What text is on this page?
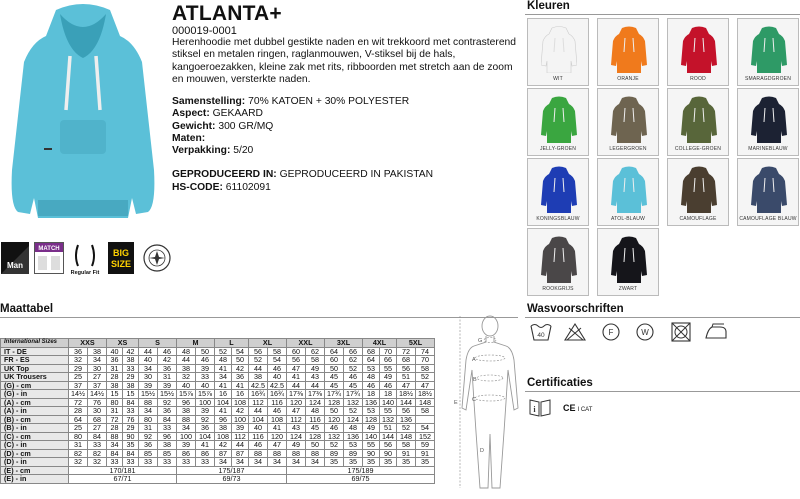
ATLANTA+
000019-0001
Herenhoodie met dubbel gestikte naden en wit trekkoord met contrasterend stiksel en metalen ringen, raglanmouwen, V-stiksel bij de hals, kangoeroezakken, kleine zak met rits, ribboorden met stretch aan de zoom en mouwen, versterkte naden.
Samenstelling: 70% KATOEN + 30% POLYESTER
Aspect: GEKAARD
Gewicht: 300 GR/MQ
Maten:
Verpakking: 5/20
GEPRODUCEERD IN: GEPRODUCEERD IN PAKISTAN
HS-CODE: 61102091
Man
MATCH
Regular Fit
BIG
SIZE
Kleuren
WIT	ORANJE	ROOD	SMARAGDGROEN
JELLY-GROEN	LEGERGROEN	COLLEGE-GROEN	MARINEBLAUW
KONINGSBLAUW	ATOL-BLAUW	CAMOUFLAGE	CAMOUFLAGE BLAUW
ROOKGRIJS	ZWART
Maattabel
International Sizes	XXS		XS		S		M		L		XL		XXL		3XL		4XL		5XL	
IT - DE	36	38	40	42	44	46	48	50	52	54	56	58	60	62	64	66	68	70	72	74
FR - ES	32	34	36	38	40	42	44	46	48	50	52	54	56	58	60	62	64	66	68	70
UK Top	29	30	31	33	34	36	38	39	41	42	44	46	47	49	50	52	53	55	56	58
UK Trousers	25	27	28	29	30	31	32	33	34	36	38	40	41	43	45	46	48	49	51	52
(G) - cm	37	37	38	38	39	39	40	40	41	41	42.5	42.5	44	44	45	45	46	46	47	47
(G) - in	14½	14½	15	15	15½	15½	15⅞	15⅞	16	16	16¾	16¾	17⅜	17⅜	17¾	17¾	18	18	18½	18½
(A) - cm	72	76	80	84	88	92	96	100	104	108	112	116	120	124	128	132	136	140	144	148
(A) - in	28	30	31	33	34	36	38	39	41	42	44	46	47	48	50	52	53	55	56	58
(B) - cm	64	68	72	76	80	84	88	92	96	100	104	108	112	116	120	124	128	132	136	
(B) - in	25	27	28	29	31	33	34	36	38	39	40	41	43	45	46	48	49	51	52	54
(C) - cm	80	84	88	90	92	96	100	104	108	112	116	120	124	128	132	136	140	144	148	152
(C) - in	31	33	34	35	36	38	39	41	42	44	46	47	49	50	52	53	55	56	58	59
(D) - cm	82	82	84	84	85	85	86	86	87	87	88	88	88	88	89	89	90	90	91	91
(D) - in	32	32	33	33	33	33	33	33	34	34	34	34	34	34	35	35	35	35	35	35
(E) - cm	170/181						175/187						175/189							
(E) - in	67/71						69/73						69/75							
G
A
B
C
D
E
Wasvoorschriften
40	F	W
Certificaties
i	CE I CAT
